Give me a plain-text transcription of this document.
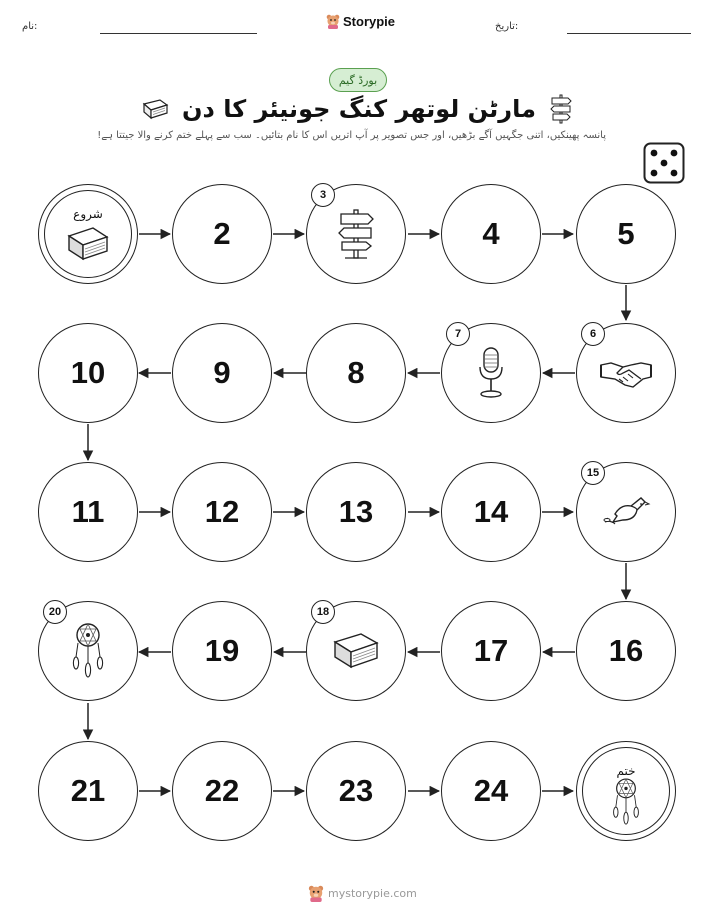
نام:	Storypie	تاریخ:
بورڈ گیم
مارٹن لوتھر کنگ جونیئر کا دن
پانسہ پھینکیں، اتنی جگہیں آگے بڑھیں، اور جس تصویر پر آپ اتریں اس کا نام بتائیں۔ سب سے پہلے ختم کرنے والا جیتتا ہے!
شروع
2
3
4	5
10	9	8
7	6
11	12	13	14
15
20
19
18
17	16
21	22	23	24
ختم
mystorypie.com
